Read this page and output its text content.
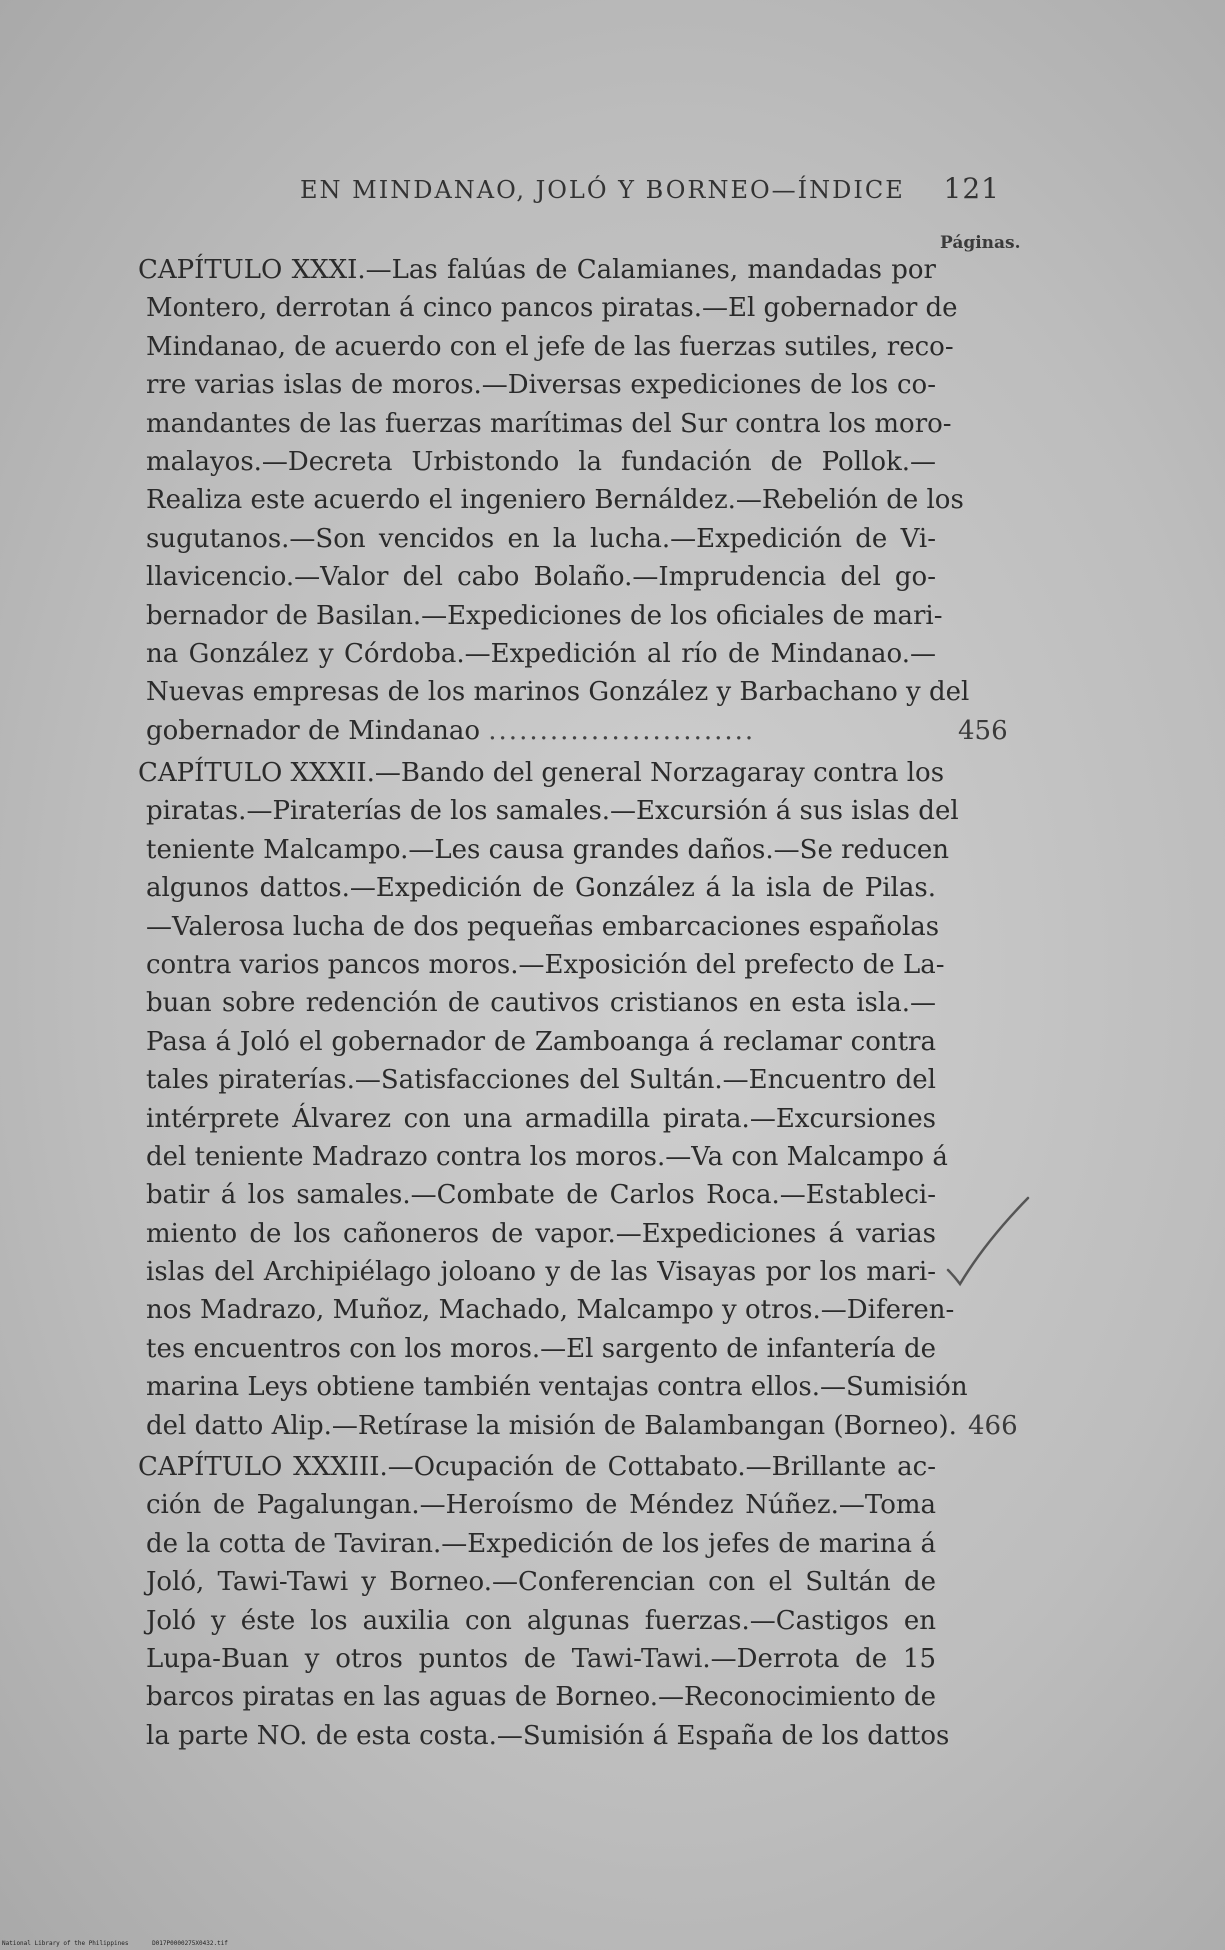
EN MINDANAO, JOLÓ Y BORNEO—ÍNDICE 121
Páginas.
CAPÍTULO XXXI.—Las falúas de Calamianes, mandadas por
Montero, derrotan á cinco pancos piratas.—El gobernador de
Mindanao, de acuerdo con el jefe de las fuerzas sutiles, reco-
rre varias islas de moros.—Diversas expediciones de los co-
mandantes de las fuerzas marítimas del Sur contra los moro-
malayos.—Decreta Urbistondo la fundación de Pollok.—
Realiza este acuerdo el ingeniero Bernáldez.—Rebelión de los
sugutanos.—Son vencidos en la lucha.—Expedición de Vi-
llavicencio.—Valor del cabo Bolaño.—Imprudencia del go-
bernador de Basilan.—Expediciones de los oficiales de mari-
na González y Córdoba.—Expedición al río de Mindanao.—
Nuevas empresas de los marinos González y Barbachano y del
gobernador de Mindanao ..........................	456
CAPÍTULO XXXII.—Bando del general Norzagaray contra los
piratas.—Piraterías de los samales.—Excursión á sus islas del
teniente Malcampo.—Les causa grandes daños.—Se reducen
algunos dattos.—Expedición de González á la isla de Pilas.
—Valerosa lucha de dos pequeñas embarcaciones españolas
contra varios pancos moros.—Exposición del prefecto de La-
buan sobre redención de cautivos cristianos en esta isla.—
Pasa á Joló el gobernador de Zamboanga á reclamar contra
tales piraterías.—Satisfacciones del Sultán.—Encuentro del
intérprete Álvarez con una armadilla pirata.—Excursiones
del teniente Madrazo contra los moros.—Va con Malcampo á
batir á los samales.—Combate de Carlos Roca.—Estableci-
miento de los cañoneros de vapor.—Expediciones á varias
islas del Archipiélago joloano y de las Visayas por los mari-
nos Madrazo, Muñoz, Machado, Malcampo y otros.—Diferen-
tes encuentros con los moros.—El sargento de infantería de
marina Leys obtiene también ventajas contra ellos.—Sumisión
del datto Alip.—Retírase la misión de Balambangan (Borneo). 466
CAPÍTULO XXXIII.—Ocupación de Cottabato.—Brillante ac-
ción de Pagalungan.—Heroísmo de Méndez Núñez.—Toma
de la cotta de Taviran.—Expedición de los jefes de marina á
Joló, Tawi-Tawi y Borneo.—Conferencian con el Sultán de
Joló y éste los auxilia con algunas fuerzas.—Castigos en
Lupa-Buan y otros puntos de Tawi-Tawi.—Derrota de 15
barcos piratas en las aguas de Borneo.—Reconocimiento de
la parte NO. de esta costa.—Sumisión á España de los dattos
National Library of the Philippines	D017P0000275X0432.tif
